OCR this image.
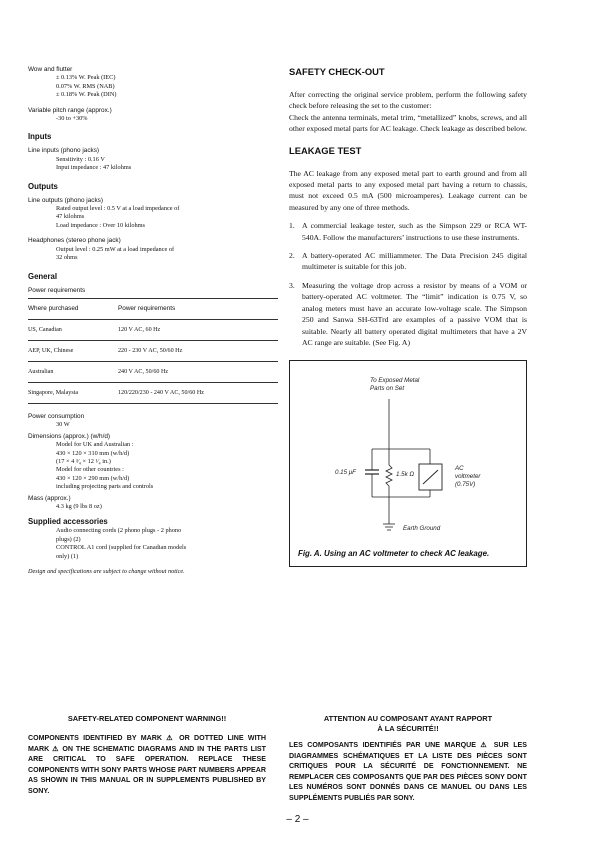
Wow and flutter

± 0.13% W. Peak (IEC)

0.07% W. RMS (NAB)

± 0.18% W. Peak (DIN)

Variable pitch range (approx.)

-30 to +30%

Inputs

Line inputs (phono jacks)

Sensitivity : 0.16 V

Input impedance : 47 kilohms

Outputs

Line outputs (phono jacks)

Rated output level : 0.5 V at a load impedance of

47 kilohms

Load impedance : Over 10 kilohms

Headphones (stereo phone jack)

Output level : 0.25 mW at a load impedance of

32 ohms

General

Power requirements

Where purchased	Power requirements
US, Canadian	120 V AC, 60 Hz
AEP, UK, Chinese	220 - 230 V AC, 50/60 Hz
Australian	240 V AC, 50/60 Hz
Singapore, Malaysia	120/220/230 - 240 V AC, 50/60 Hz

Power consumption

30 W

Dimensions (approx.) (w/h/d)

Model for UK and Australian :

430 × 120 × 310 mm (w/h/d)

(17 × 4 ³⁄₄ × 12 ¹⁄₄ in.)

Model for other countries :

430 × 120 × 290 mm (w/h/d)

including projecting parts and controls

Mass (approx.)

4.3 kg (9 lbs 8 oz)

Supplied accessories

Audio connecting cords (2 phono plugs - 2 phono

plugs) (2)

CONTROL A1 cord (supplied for Canadian models

only) (1)

Design and specifications are subject to change without notice.

SAFETY CHECK-OUT

After correcting the original service problem, perform the following safety check before releasing the set to the customer:

Check the antenna terminals, metal trim, “metallized” knobs, screws, and all other exposed metal parts for AC leakage. Check leakage as described below.

LEAKAGE TEST

The AC leakage from any exposed metal part to earth ground and from all exposed metal parts to any exposed metal part having a return to chassis, must not exceed 0.5 mA (500 microamperes). Leakage current can be measured by any one of three methods.

1. A commercial leakage tester, such as the Simpson 229 or RCA WT-540A. Follow the manufacturers’ instructions to use these instruments.

2. A battery-operated AC milliammeter. The Data Precision 245 digital multimeter is suitable for this job.

3. Measuring the voltage drop across a resistor by means of a VOM or battery-operated AC voltmeter. The “limit” indication is 0.75 V, so analog meters must have an accurate low-voltage scale. The Simpson 250 and Sanwa SH-63Trd are examples of a passive VOM that is suitable. Nearly all battery operated digital multimeters that have a 2V AC range are suitable. (See Fig. A)

To Exposed Metal
Parts on Set
0.15 μF	1.5k Ω
AC
voltmeter
(0.75V)
Earth Ground
Fig. A. Using an AC voltmeter to check AC leakage.
SAFETY-RELATED COMPONENT WARNING!!
COMPONENTS IDENTIFIED BY MARK ⚠ OR DOTTED LINE WITH MARK ⚠ ON THE SCHEMATIC DIAGRAMS AND IN THE PARTS LIST ARE CRITICAL TO SAFE OPERATION. REPLACE THESE COMPONENTS WITH SONY PARTS WHOSE PART NUMBERS APPEAR AS SHOWN IN THIS MANUAL OR IN SUPPLEMENTS PUBLISHED BY SONY.
ATTENTION AU COMPOSANT AYANT RAPPORT
À LA SÉCURITÉ!!
LES COMPOSANTS IDENTIFIÉS PAR UNE MARQUE ⚠ SUR LES DIAGRAMMES SCHÉMATIQUES ET LA LISTE DES PIÈCES SONT CRITIQUES POUR LA SÉCURITÉ DE FONCTIONNEMENT. NE REMPLACER CES COMPOSANTS QUE PAR DES PIÈCES SONY DONT LES NUMÉROS SONT DONNÉS DANS CE MANUEL OU DANS LES SUPPLÉMENTS PUBLIÉS PAR SONY.
– 2 –
